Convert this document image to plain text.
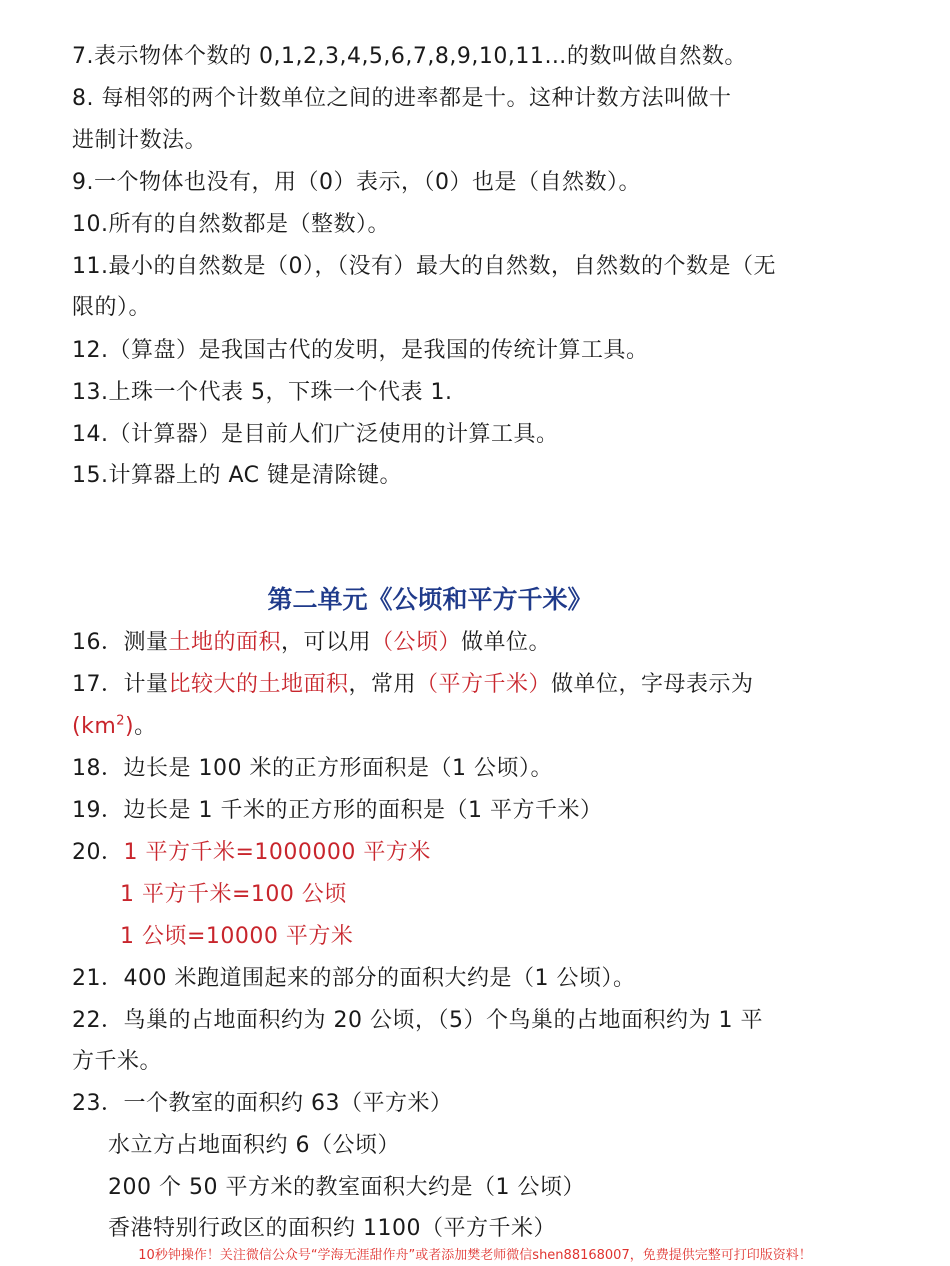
7.表示物体个数的 0,1,2,3,4,5,6,7,8,9,10,11…的数叫做自然数。
8. 每相邻的两个计数单位之间的进率都是十。这种计数方法叫做十
进制计数法。
9.一个物体也没有，用（0）表示，（0）也是（自然数）。
10.所有的自然数都是（整数）。
11.最小的自然数是（0），（没有）最大的自然数，自然数的个数是（无
限的）。
12.（算盘）是我国古代的发明，是我国的传统计算工具。
13.上珠一个代表 5，下珠一个代表 1.
14.（计算器）是目前人们广泛使用的计算工具。
15.计算器上的 AC 键是清除键。
第二单元《公顷和平方千米》
16．测量土地的面积，可以用（公顷）做单位。
17．计量比较大的土地面积，常用（平方千米）做单位，字母表示为
$(km^2)$。
18．边长是 100 米的正方形面积是（1 公顷）。
19．边长是 1 千米的正方形的面积是（1 平方千米）
20．1 平方千米=1000000 平方米
1 平方千米=100 公顷
1 公顷=10000 平方米
21．400 米跑道围起来的部分的面积大约是（1 公顷）。
22．鸟巢的占地面积约为 20 公顷，（5）个鸟巢的占地面积约为 1 平
方千米。
23．一个教室的面积约 63（平方米）
水立方占地面积约 6（公顷）
200 个 50 平方米的教室面积大约是（1 公顷）
香港特别行政区的面积约 1100（平方千米）
10秒钟操作！关注微信公众号“学海无涯甜作舟”或者添加樊老师微信shen88168007，免费提供完整可打印版资料！
